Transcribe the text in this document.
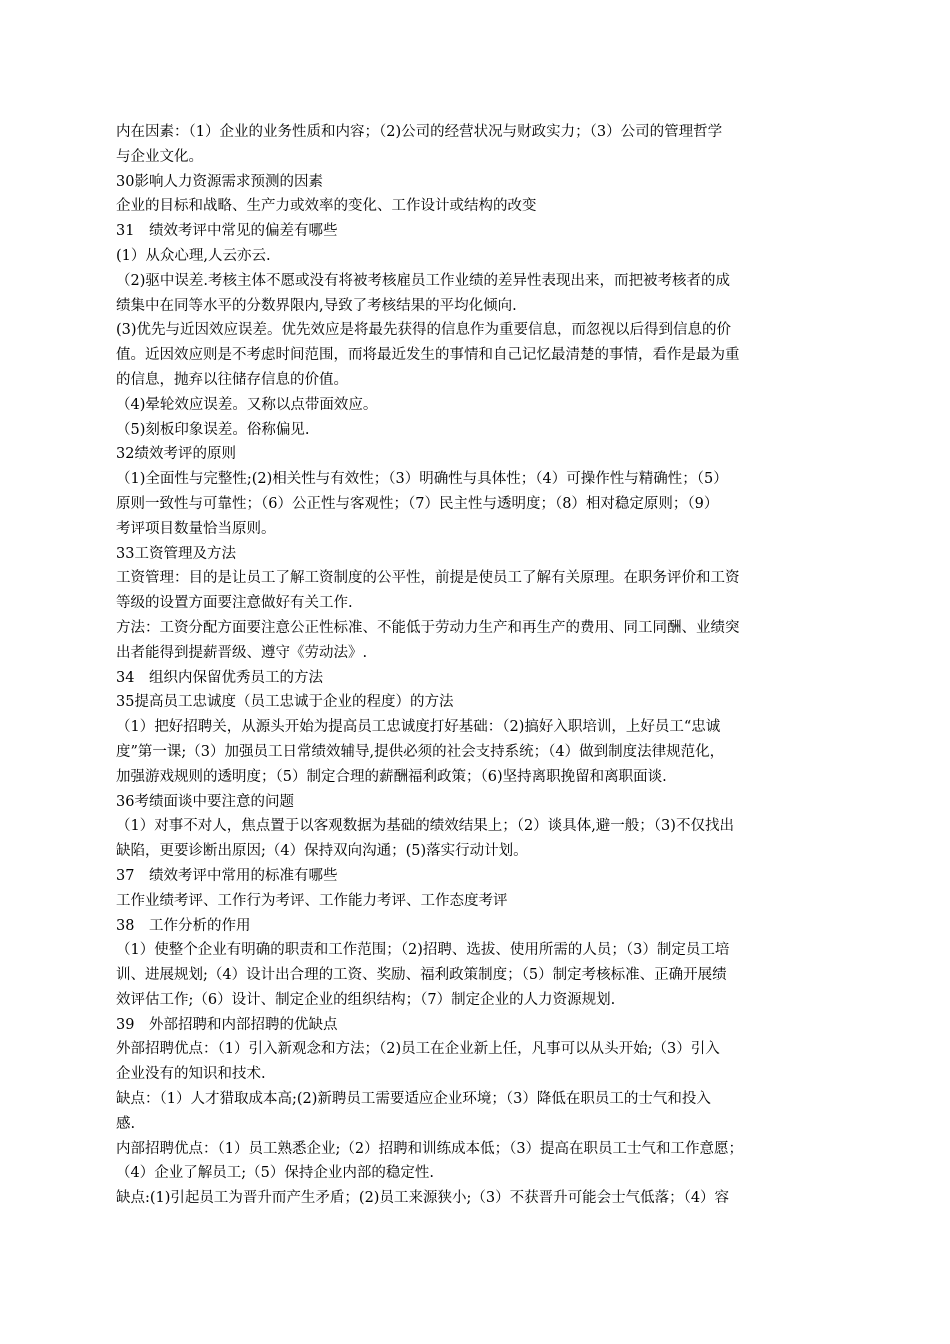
内在因素：（1）企业的业务性质和内容；（2)公司的经营状况与财政实力；（3）公司的管理哲学
与企业文化。
30影响人力资源需求预测的因素
企业的目标和战略、生产力或效率的变化、工作设计或结构的改变
31　绩效考评中常见的偏差有哪些
(1）从众心理,人云亦云.
（2)驱中误差.考核主体不愿或没有将被考核雇员工作业绩的差异性表现出来，而把被考核者的成
绩集中在同等水平的分数界限内,导致了考核结果的平均化倾向.
(3)优先与近因效应误差。优先效应是将最先获得的信息作为重要信息，而忽视以后得到信息的价
值。近因效应则是不考虑时间范围，而将最近发生的事情和自己记忆最清楚的事情，看作是最为重
的信息，抛弃以往储存信息的价值。
（4)晕轮效应误差。又称以点带面效应。
（5)刻板印象误差。俗称偏见.
32绩效考评的原则
（1)全面性与完整性;(2)相关性与有效性；（3）明确性与具体性；（4）可操作性与精确性；（5）
原则一致性与可靠性；（6）公正性与客观性；（7）民主性与透明度；（8）相对稳定原则；（9）
考评项目数量恰当原则。
33工资管理及方法
工资管理：目的是让员工了解工资制度的公平性，前提是使员工了解有关原理。在职务评价和工资
等级的设置方面要注意做好有关工作.
方法：工资分配方面要注意公正性标准、不能低于劳动力生产和再生产的费用、同工同酬、业绩突
出者能得到提薪晋级、遵守《劳动法》.
34　组织内保留优秀员工的方法
35提高员工忠诚度（员工忠诚于企业的程度）的方法
（1）把好招聘关，从源头开始为提高员工忠诚度打好基础：（2)搞好入职培训，上好员工“忠诚
度”第一课;（3）加强员工日常绩效辅导,提供必须的社会支持系统；（4）做到制度法律规范化，
加强游戏规则的透明度；（5）制定合理的薪酬福利政策；（6)坚持离职挽留和离职面谈.
36考绩面谈中要注意的问题
（1）对事不对人，焦点置于以客观数据为基础的绩效结果上；（2）谈具体,避一般；（3)不仅找出
缺陷，更要诊断出原因;（4）保持双向沟通；(5)落实行动计划。
37　绩效考评中常用的标准有哪些
工作业绩考评、工作行为考评、工作能力考评、工作态度考评
38　工作分析的作用
（1）使整个企业有明确的职责和工作范围；（2)招聘、选拔、使用所需的人员；（3）制定员工培
训、进展规划;（4）设计出合理的工资、奖励、福利政策制度；（5）制定考核标准、正确开展绩
效评估工作;（6）设计、制定企业的组织结构；（7）制定企业的人力资源规划.
39　外部招聘和内部招聘的优缺点
外部招聘优点：（1）引入新观念和方法；（2)员工在企业新上任，凡事可以从头开始;（3）引入
企业没有的知识和技术.
缺点：（1）人才猎取成本高;(2)新聘员工需要适应企业环境；（3）降低在职员工的士气和投入
感.
内部招聘优点：（1）员工熟悉企业;（2）招聘和训练成本低；（3）提高在职员工士气和工作意愿；
（4）企业了解员工;（5）保持企业内部的稳定性.
缺点:(1)引起员工为晋升而产生矛盾；(2)员工来源狭小;（3）不获晋升可能会士气低落；（4）容
